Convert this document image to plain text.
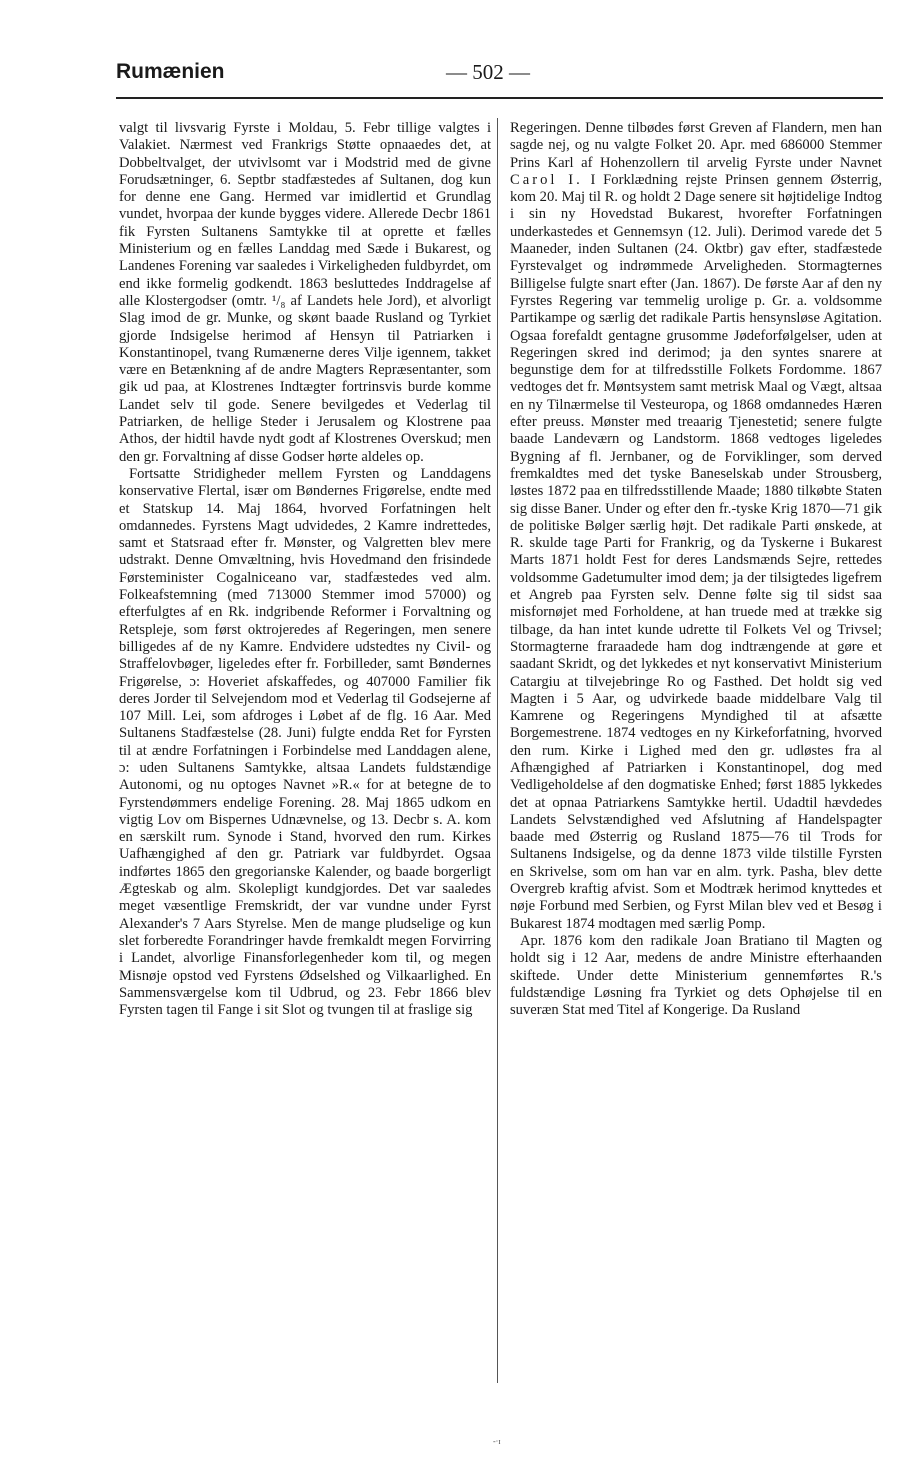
Rumænien	— 502 —

valgt til livsvarig Fyrste i Moldau, 5. Febr tillige valgtes i Valakiet. Nærmest ved Frankrigs Støtte opnaaedes det, at Dobbeltvalget, der utvivlsomt var i Modstrid med de givne Forudsætninger, 6. Septbr stadfæstedes af Sultanen, dog kun for denne ene Gang. Hermed var imidlertid et Grundlag vundet, hvorpaa der kunde bygges videre. Allerede Decbr 1861 fik Fyrsten Sultanens Samtykke til at oprette et fælles Ministerium og en fælles Landdag med Sæde i Bukarest, og Landenes Forening var saaledes i Virkeligheden fuldbyrdet, om end ikke formelig godkendt. 1863 besluttedes Inddragelse af alle Klostergodser (omtr. ¹/₈ af Landets hele Jord), et alvorligt Slag imod de gr. Munke, og skønt baade Rusland og Tyrkiet gjorde Indsigelse herimod af Hensyn til Patriarken i Konstantinopel, tvang Rumænerne deres Vilje igennem, takket være en Betænkning af de andre Magters Repræsentanter, som gik ud paa, at Klostrenes Indtægter fortrinsvis burde komme Landet selv til gode. Senere bevilgedes et Vederlag til Patriarken, de hellige Steder i Jerusalem og Klostrene paa Athos, der hidtil havde nydt godt af Klostrenes Overskud; men den gr. Forvaltning af disse Godser hørte aldeles op.

Fortsatte Stridigheder mellem Fyrsten og Landdagens konservative Flertal, især om Bøndernes Frigørelse, endte med et Statskup 14. Maj 1864, hvorved Forfatningen helt omdannedes. Fyrstens Magt udvidedes, 2 Kamre indrettedes, samt et Statsraad efter fr. Mønster, og Valgretten blev mere udstrakt. Denne Omvæltning, hvis Hovedmand den frisindede Førsteminister Cogalniceano var, stadfæstedes ved alm. Folkeafstemning (med 713000 Stemmer imod 57000) og efterfulgtes af en Rk. indgribende Reformer i Forvaltning og Retspleje, som først oktrojeredes af Regeringen, men senere billigedes af de ny Kamre. Endvidere udstedtes ny Civil- og Straffelovbøger, ligeledes efter fr. Forbilleder, samt Bøndernes Frigørelse, ɔ: Hoveriet afskaffedes, og 407000 Familier fik deres Jorder til Selvejendom mod et Vederlag til Godsejerne af 107 Mill. Lei, som afdroges i Løbet af de flg. 16 Aar. Med Sultanens Stadfæstelse (28. Juni) fulgte endda Ret for Fyrsten til at ændre Forfatningen i Forbindelse med Landdagen alene, ɔ: uden Sultanens Samtykke, altsaa Landets fuldstændige Autonomi, og nu optoges Navnet »R.« for at betegne de to Fyrstendømmers endelige Forening. 28. Maj 1865 udkom en vigtig Lov om Bispernes Udnævnelse, og 13. Decbr s. A. kom en særskilt rum. Synode i Stand, hvorved den rum. Kirkes Uafhængighed af den gr. Patriark var fuldbyrdet. Ogsaa indførtes 1865 den gregorianske Kalender, og baade borgerligt Ægteskab og alm. Skolepligt kundgjordes. Det var saaledes meget væsentlige Fremskridt, der var vundne under Fyrst Alexander's 7 Aars Styrelse. Men de mange pludselige og kun slet forberedte Forandringer havde fremkaldt megen Forvirring i Landet, alvorlige Finansforlegenheder kom til, og megen Misnøje opstod ved Fyrstens Ødselshed og Vilkaarlighed. En Sammensværgelse kom til Udbrud, og 23. Febr 1866 blev Fyrsten tagen til Fange i sit Slot og tvungen til at fraslige sig

Regeringen. Denne tilbødes først Greven af Flandern, men han sagde nej, og nu valgte Folket 20. Apr. med 686000 Stemmer Prins Karl af Hohenzollern til arvelig Fyrste under Navnet Carol I. I Forklædning rejste Prinsen gennem Østerrig, kom 20. Maj til R. og holdt 2 Dage senere sit højtidelige Indtog i sin ny Hovedstad Bukarest, hvorefter Forfatningen underkastedes et Gennemsyn (12. Juli). Derimod varede det 5 Maaneder, inden Sultanen (24. Oktbr) gav efter, stadfæstede Fyrstevalget og indrømmede Arveligheden. Stormagternes Billigelse fulgte snart efter (Jan. 1867). De første Aar af den ny Fyrstes Regering var temmelig urolige p. Gr. a. voldsomme Partikampe og særlig det radikale Partis hensynsløse Agitation. Ogsaa forefaldt gentagne grusomme Jødeforfølgelser, uden at Regeringen skred ind derimod; ja den syntes snarere at begunstige dem for at tilfredsstille Folkets Fordomme. 1867 vedtoges det fr. Møntsystem samt metrisk Maal og Vægt, altsaa en ny Tilnærmelse til Vesteuropa, og 1868 omdannedes Hæren efter preuss. Mønster med treaarig Tjenestetid; senere fulgte baade Landeværn og Landstorm. 1868 vedtoges ligeledes Bygning af fl. Jernbaner, og de Forviklinger, som derved fremkaldtes med det tyske Baneselskab under Strousberg, løstes 1872 paa en tilfredsstillende Maade; 1880 tilkøbte Staten sig disse Baner. Under og efter den fr.-tyske Krig 1870—71 gik de politiske Bølger særlig højt. Det radikale Parti ønskede, at R. skulde tage Parti for Frankrig, og da Tyskerne i Bukarest Marts 1871 holdt Fest for deres Landsmænds Sejre, rettedes voldsomme Gadetumulter imod dem; ja der tilsigtedes ligefrem et Angreb paa Fyrsten selv. Denne følte sig til sidst saa misfornøjet med Forholdene, at han truede med at trække sig tilbage, da han intet kunde udrette til Folkets Vel og Trivsel; Stormagterne fraraadede ham dog indtrængende at gøre et saadant Skridt, og det lykkedes et nyt konservativt Ministerium Catargiu at tilvejebringe Ro og Fasthed. Det holdt sig ved Magten i 5 Aar, og udvirkede baade middelbare Valg til Kamrene og Regeringens Myndighed til at afsætte Borgemestrene. 1874 vedtoges en ny Kirkeforfatning, hvorved den rum. Kirke i Lighed med den gr. udløstes fra al Afhængighed af Patriarken i Konstantinopel, dog med Vedligeholdelse af den dogmatiske Enhed; først 1885 lykkedes det at opnaa Patriarkens Samtykke hertil. Udadtil hævdedes Landets Selvstændighed ved Afslutning af Handelspagter baade med Østerrig og Rusland 1875—76 til Trods for Sultanens Indsigelse, og da denne 1873 vilde tilstille Fyrsten en Skrivelse, som om han var en alm. tyrk. Pasha, blev dette Overgreb kraftig afvist. Som et Modtræk herimod knyttedes et nøje Forbund med Serbien, og Fyrst Milan blev ved et Besøg i Bukarest 1874 modtagen med særlig Pomp.

Apr. 1876 kom den radikale Joan Bratiano til Magten og holdt sig i 12 Aar, medens de andre Ministre efterhaanden skiftede. Under dette Ministerium gennemførtes R.'s fuldstændige Løsning fra Tyrkiet og dets Ophøjelse til en suveræn Stat med Titel af Kongerige. Da Rusland

-·ɪ
